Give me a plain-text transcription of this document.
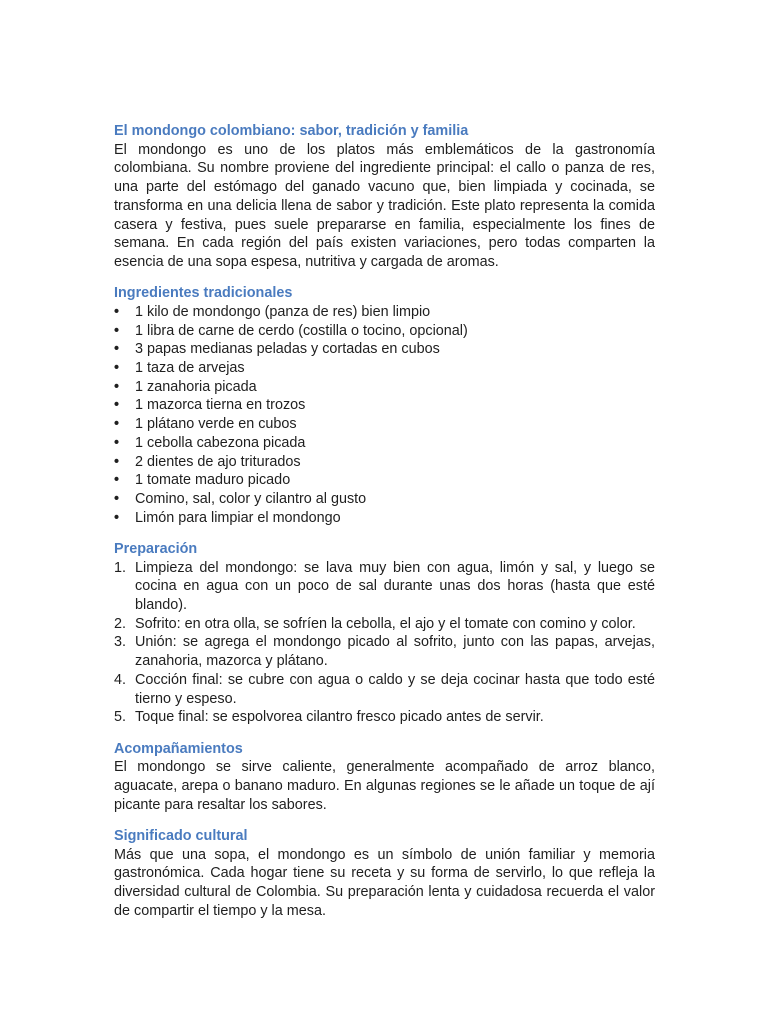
El mondongo colombiano: sabor, tradición y familia

El mondongo es uno de los platos más emblemáticos de la gastronomía colombiana. Su nombre proviene del ingrediente principal: el callo o panza de res, una parte del estómago del ganado vacuno que, bien limpiada y cocinada, se transforma en una delicia llena de sabor y tradición. Este plato representa la comida casera y festiva, pues suele prepararse en familia, especialmente los fines de semana. En cada región del país existen variaciones, pero todas comparten la esencia de una sopa espesa, nutritiva y cargada de aromas.

Ingredientes tradicionales
•	1 kilo de mondongo (panza de res) bien limpio
•	1 libra de carne de cerdo (costilla o tocino, opcional)
•	3 papas medianas peladas y cortadas en cubos
•	1 taza de arvejas
•	1 zanahoria picada
•	1 mazorca tierna en trozos
•	1 plátano verde en cubos
•	1 cebolla cabezona picada
•	2 dientes de ajo triturados
•	1 tomate maduro picado
•	Comino, sal, color y cilantro al gusto
•	Limón para limpiar el mondongo
Preparación
1. Limpieza del mondongo: se lava muy bien con agua, limón y sal, y luego se cocina en agua con un poco de sal durante unas dos horas (hasta que esté blando).
2. Sofrito: en otra olla, se sofríen la cebolla, el ajo y el tomate con comino y color.
3. Unión: se agrega el mondongo picado al sofrito, junto con las papas, arvejas, zanahoria, mazorca y plátano.
4. Cocción final: se cubre con agua o caldo y se deja cocinar hasta que todo esté tierno y espeso.
5. Toque final: se espolvorea cilantro fresco picado antes de servir.
Acompañamientos

El mondongo se sirve caliente, generalmente acompañado de arroz blanco, aguacate, arepa o banano maduro. En algunas regiones se le añade un toque de ají picante para resaltar los sabores.

Significado cultural

Más que una sopa, el mondongo es un símbolo de unión familiar y memoria gastronómica. Cada hogar tiene su receta y su forma de servirlo, lo que refleja la diversidad cultural de Colombia. Su preparación lenta y cuidadosa recuerda el valor de compartir el tiempo y la mesa.
